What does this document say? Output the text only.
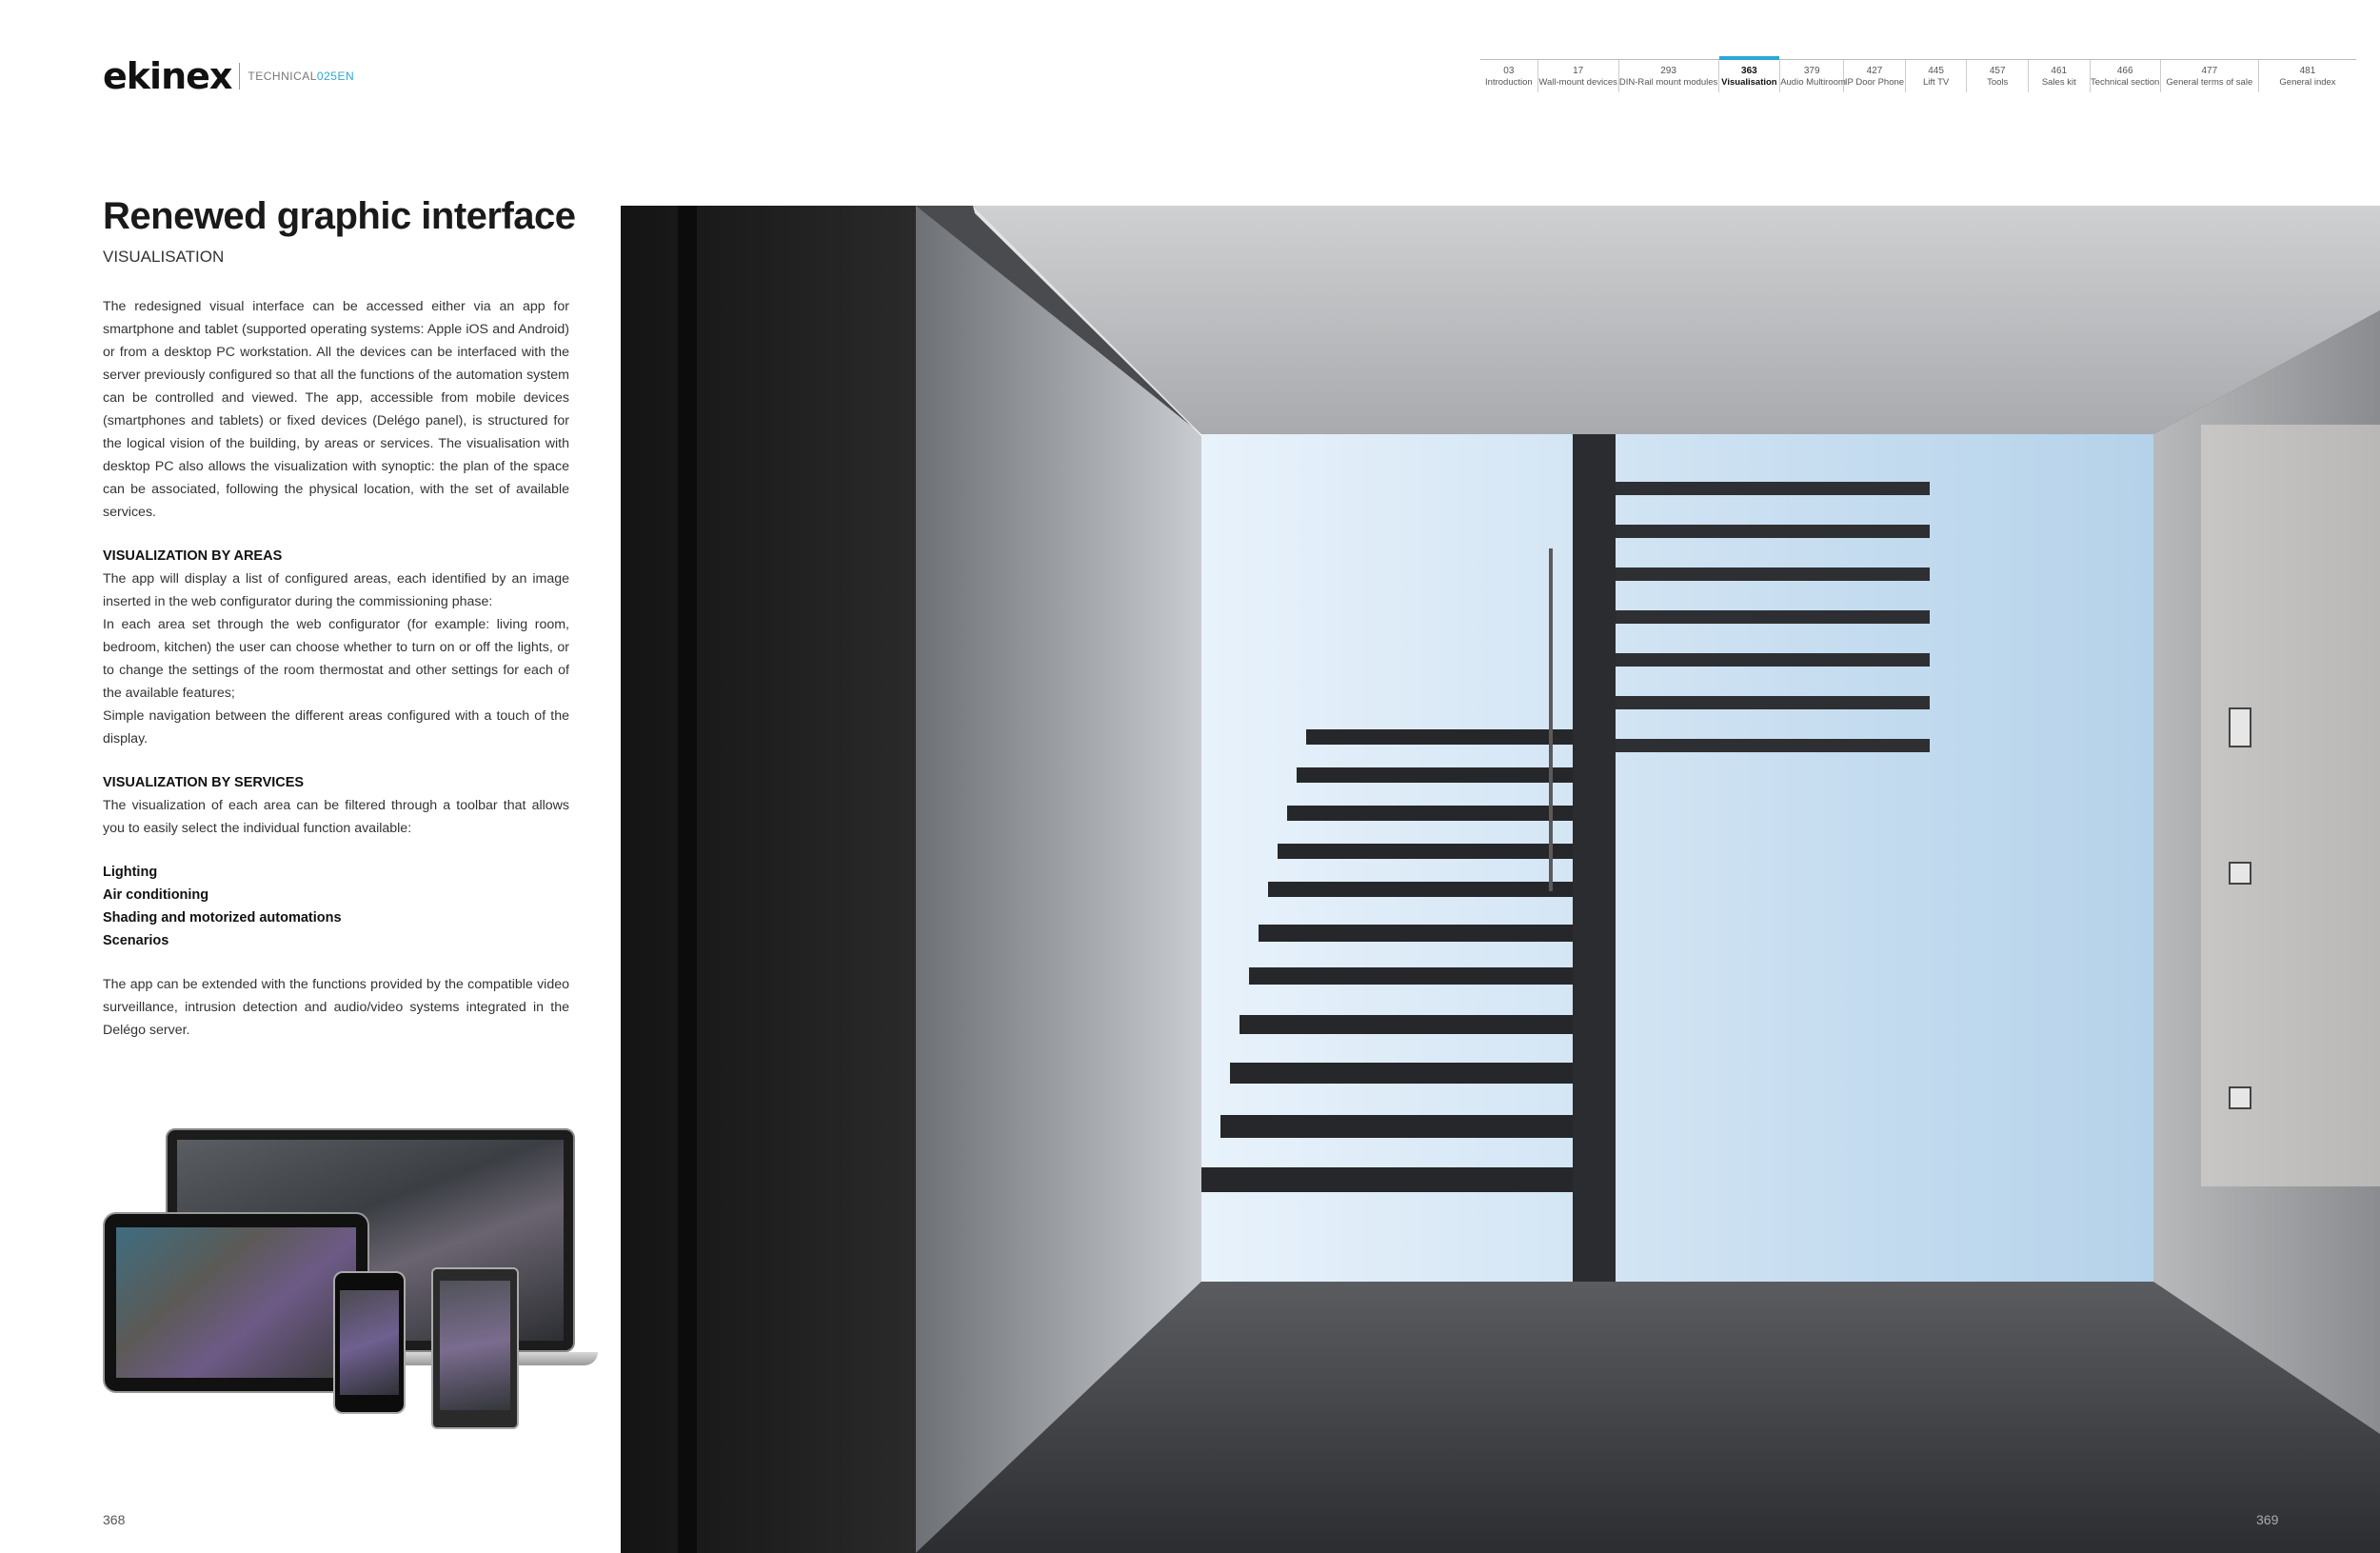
ekinex TECHNICAL025EN	03
Introduction
17
Wall-mount devices
293
DIN-Rail mount modules
363
Visualisation
379
Audio Multiroom
427
IP Door Phone
445
Lift TV
457
Tools
461
Sales kit
466
Technical section
477
General terms of sale
481
General index
Renewed graphic interface
VISUALISATION

The redesigned visual interface can be accessed either via an app for smartphone and tablet (supported operating systems: Apple iOS and Android) or from a desktop PC workstation. All the devices can be interfaced with the server previously configured so that all the functions of the automation system can be controlled and viewed. The app, accessible from mobile devices (smartphones and tablets) or fixed devices (Delégo panel), is structured for the logical vision of the building, by areas or services. The visualisation with desktop PC also allows the visualization with synoptic: the plan of the space can be associated, following the physical location, with the set of available services.

VISUALIZATION BY AREAS

The app will display a list of configured areas, each identified by an image inserted in the web configurator during the commissioning phase:

In each area set through the web configurator (for example: living room, bedroom, kitchen) the user can choose whether to turn on or off the lights, or to change the settings of the room thermostat and other settings for each of the available features;

Simple navigation between the different areas configured with a touch of the display.

VISUALIZATION BY SERVICES

The visualization of each area can be filtered through a toolbar that allows you to easily select the individual function available:

Lighting
Air conditioning
Shading and motorized automations
Scenarios

The app can be extended with the functions provided by the compatible video surveillance, intrusion detection and audio/video systems integrated in the Delégo server.

368	369
